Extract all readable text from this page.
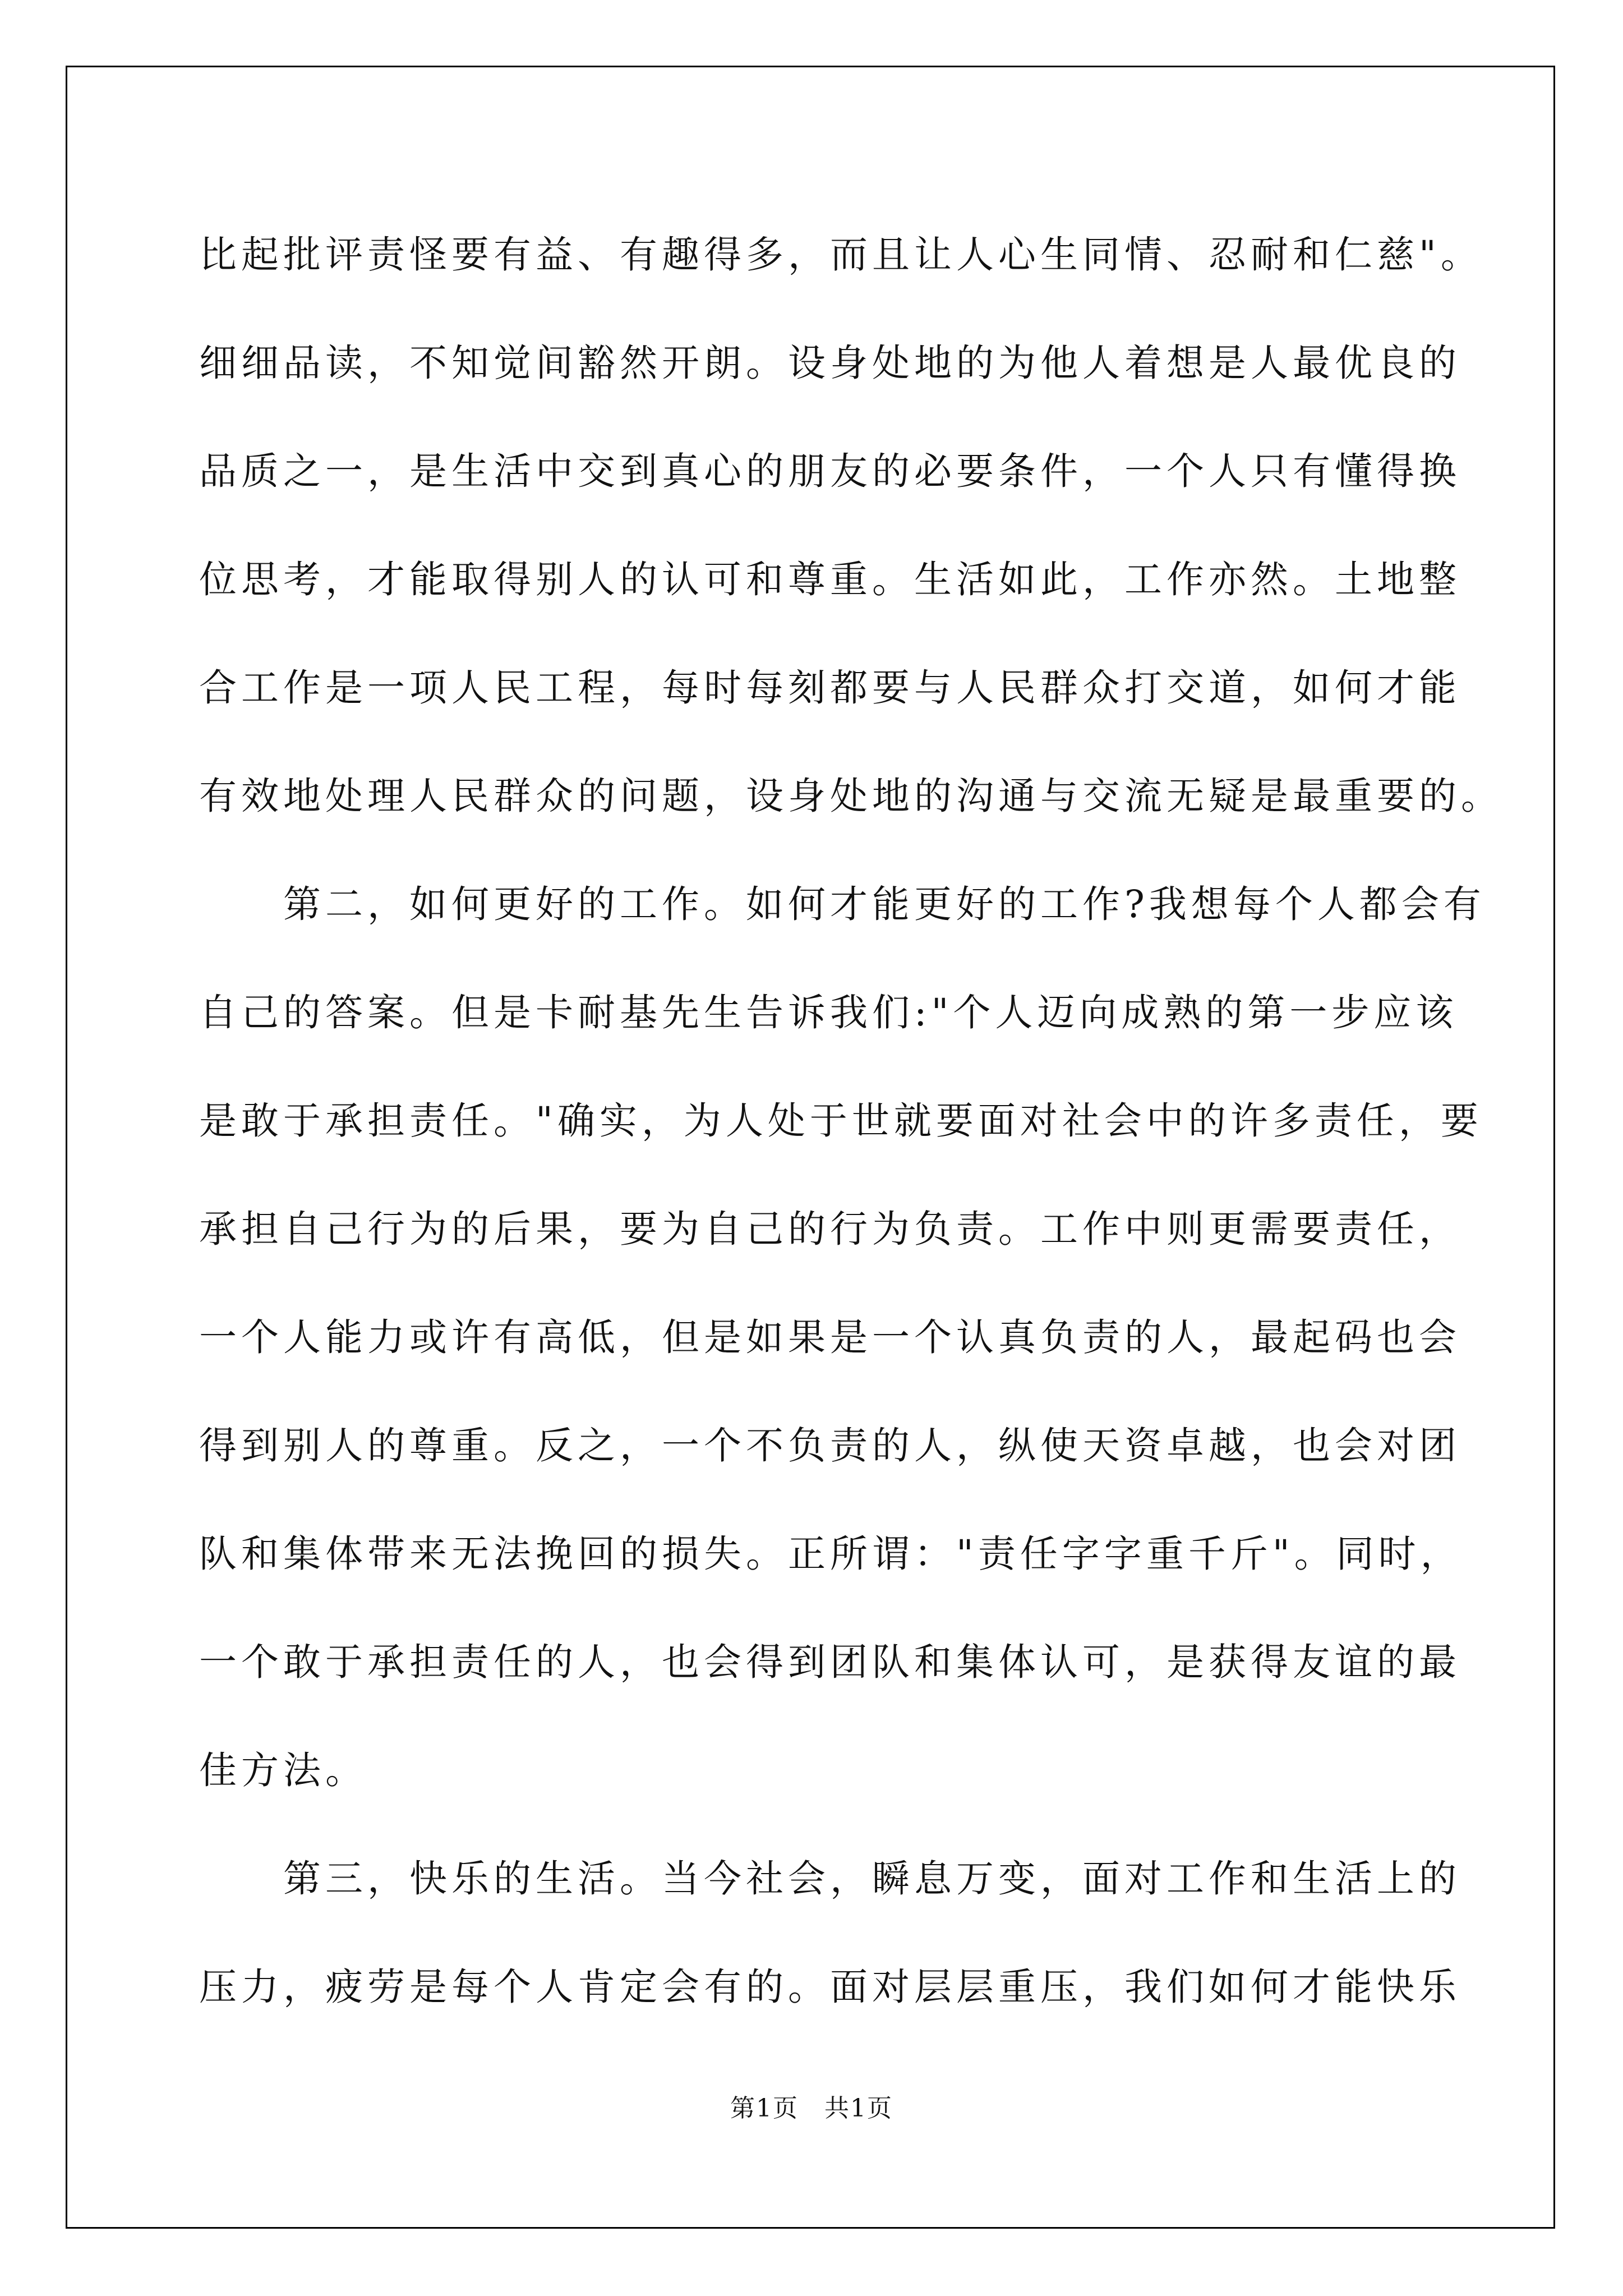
比起批评责怪要有益、有趣得多，而且让人心生同情、忍耐和仁慈"。
细细品读，不知觉间豁然开朗。设身处地的为他人着想是人最优良的
品质之一，是生活中交到真心的朋友的必要条件，一个人只有懂得换
位思考，才能取得别人的认可和尊重。生活如此，工作亦然。土地整
合工作是一项人民工程，每时每刻都要与人民群众打交道，如何才能
有效地处理人民群众的问题，设身处地的沟通与交流无疑是最重要的。
第二，如何更好的工作。如何才能更好的工作?我想每个人都会有
自己的答案。但是卡耐基先生告诉我们:"个人迈向成熟的第一步应该
是敢于承担责任。"确实，为人处于世就要面对社会中的许多责任，要
承担自己行为的后果，要为自己的行为负责。工作中则更需要责任，
一个人能力或许有高低，但是如果是一个认真负责的人，最起码也会
得到别人的尊重。反之，一个不负责的人，纵使天资卓越，也会对团
队和集体带来无法挽回的损失。正所谓："责任字字重千斤"。同时，
一个敢于承担责任的人，也会得到团队和集体认可，是获得友谊的最
佳方法。
第三，快乐的生活。当今社会，瞬息万变，面对工作和生活上的
压力，疲劳是每个人肯定会有的。面对层层重压，我们如何才能快乐
第1页　共1页
